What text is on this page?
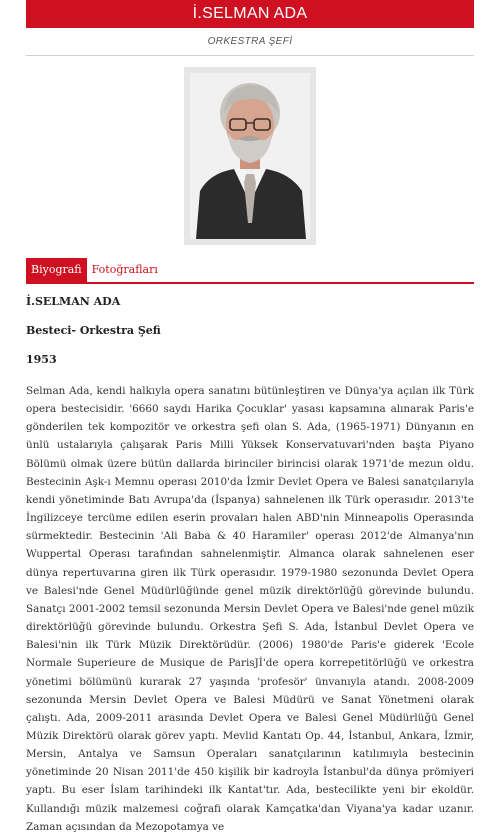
İ.SELMAN ADA
ORKESTRA ŞEFİ
Biyografi Fotoğrafları
İ.SELMAN ADA
Besteci- Orkestra Şefi
1953
Selman Ada, kendi halkıyla opera sanatını bütünleştiren ve Dünya'ya açılan ilk Türk opera bestecisidir. '6660 saydı Harika Çocuklar' yasası kapsamına alınarak Paris'e gönderilen tek kompozitör ve orkestra şefi olan S. Ada, (1965-1971) Dünyanın en ünlü ustalarıyla çalışarak Paris Milli Yüksek Konservatuvari'nden başta Piyano Bölümü olmak üzere bütün dallarda birinciler birincisi olarak 1971'de mezun oldu. Bestecinin Aşk-ı Memnu operası 2010'da İzmir Devlet Opera ve Balesi sanatçılarıyla kendi yönetiminde Batı Avrupa'da (İspanya) sahnelenen ilk Türk operasıdır. 2013'te İngilizceye tercüme edilen eserin provaları halen ABD'nin Minneapolis Operasında sürmektedir. Bestecinin 'Ali Baba & 40 Haramiler' operası 2012'de Almanya'nın Wuppertal Operası tarafından sahnelenmiştir. Almanca olarak sahnelenen eser dünya repertuvarına giren ilk Türk operasıdır. 1979-1980 sezonunda Devlet Opera ve Balesi'nde Genel Müdürlüğünde genel müzik direktörlüğü görevinde bulundu. Sanatçı 2001-2002 temsil sezonunda Mersin Devlet Opera ve Balesi'nde genel müzik direktörlüğü görevinde bulundu. Orkestra Şefi S. Ada, İstanbul Devlet Opera ve Balesi'nin ilk Türk Müzik Direktörüdür. (2006) 1980'de Paris'e giderek 'Ecole Normale Superieure de Musique de ParisJİ'de opera korrepetitörlüğü ve orkestra yönetimi bölümünü kurarak 27 yaşında 'profesör' ünvanıyla atandı. 2008-2009 sezonunda Mersin Devlet Opera ve Balesi Müdürü ve Sanat Yönetmeni olarak çalıştı. Ada, 2009-2011 arasında Devlet Opera ve Balesi Genel Müdürlüğü Genel Müzik Direktörü olarak görev yaptı. Mevlid Kantatı Op. 44, İstanbul, Ankara, İzmir, Mersin, Antalya ve Samsun Operaları sanatçılarının katılımıyla bestecinin yönetiminde 20 Nisan 2011'de 450 kişilik bir kadroyla İstanbul'da dünya prömiyeri yaptı. Bu eser İslam tarihindeki ilk Kantat'tır. Ada, bestecilikte yeni bir ekoldür. Kullandığı müzik malzemesi coğrafi olarak Kamçatka'dan Viyana'ya kadar uzanır. Zaman açısından da Mezopotamya ve
